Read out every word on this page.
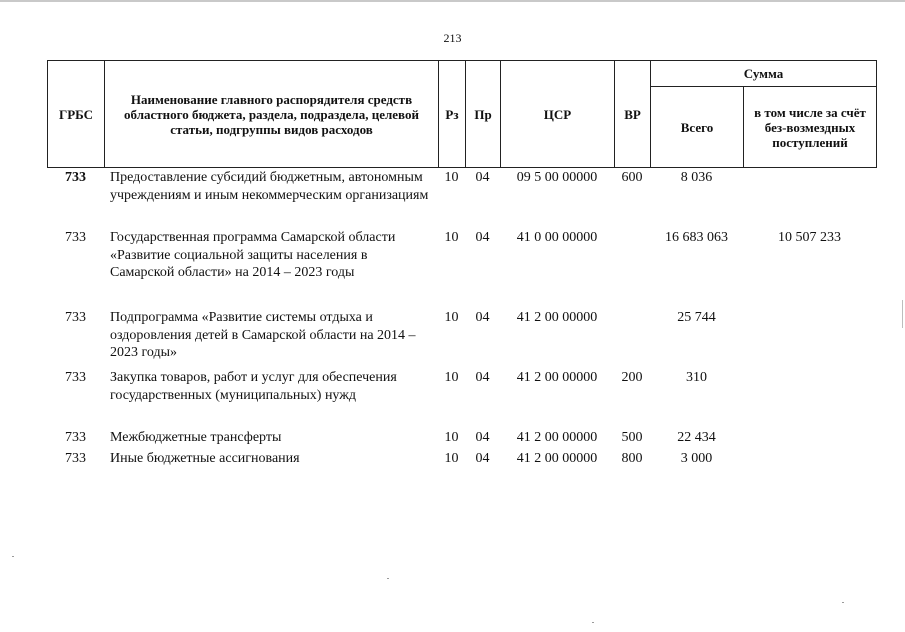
213
ГРБС	Наименование главного распорядителя средств областного бюджета, раздела, подраздела, целевой статьи, подгруппы видов расходов	Рз	Пр	ЦСР	ВР	Сумма	
						Всего	в том числе за счёт без-возмездных поступлений
733	Предоставление субсидий бюджетным, автономным учреждениям и иным некоммерческим организациям	10	04	09 5 00 00000	600	8 036	
733	Государственная программа Самарской области «Развитие социальной защиты населения в Самарской области» на 2014 – 2023 годы	10	04	41 0 00 00000		16 683 063	10 507 233
733	Подпрограмма «Развитие системы отдыха и оздоровления детей в Самарской области на 2014 – 2023 годы»	10	04	41 2 00 00000		25 744	
733	Закупка товаров, работ и услуг для обеспечения государственных (муниципальных) нужд	10	04	41 2 00 00000	200	310	
733	Межбюджетные трансферты	10	04	41 2 00 00000	500	22 434	
733	Иные бюджетные ассигнования	10	04	41 2 00 00000	800	3 000	
